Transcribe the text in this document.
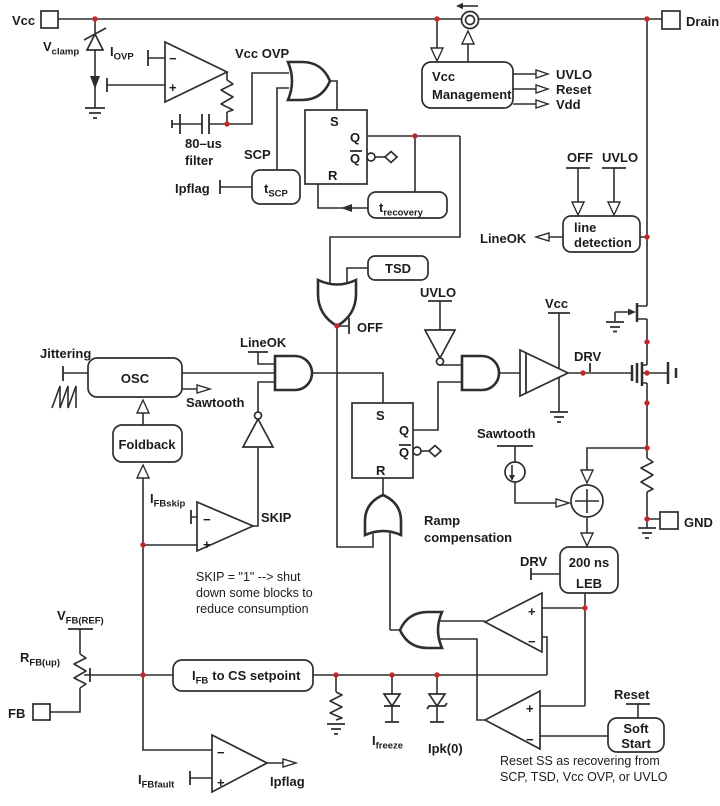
Vcc	Drain
GND
FB
$V_{clamp}$ $I_{OVP}$	−
+
Vcc OVP
80–us
filter SCP
Ipflag	$t_{SCP}$
$t_{recovery}$
S
Q
Q
R
Vcc
Management
UVLO
Reset
Vdd
OFF UVLO
line
detection
LineOK
TSD
OFF
UVLO
LineOK
Vcc
DRV
Jittering
OSC
Sawtooth
Foldback
$I_{FBskip}$
−
+
SKIP
SKIP = "1" --> shut
down some blocks to
reduce consumption
S
Q
Q
R
Sawtooth
Ramp
compensation
DRV 200 ns
LEB
+
−
+
−
$V_{FB(REF)}$
$R_{FB(up)}$
$I_{FB}$ to CS setpoint
$I_{freeze}$ Ipk(0)
$I_{FBfault}$
−
+	Ipflag
Reset
Soft
Start
Reset SS as recovering from
SCP, TSD, Vcc OVP, or UVLO
